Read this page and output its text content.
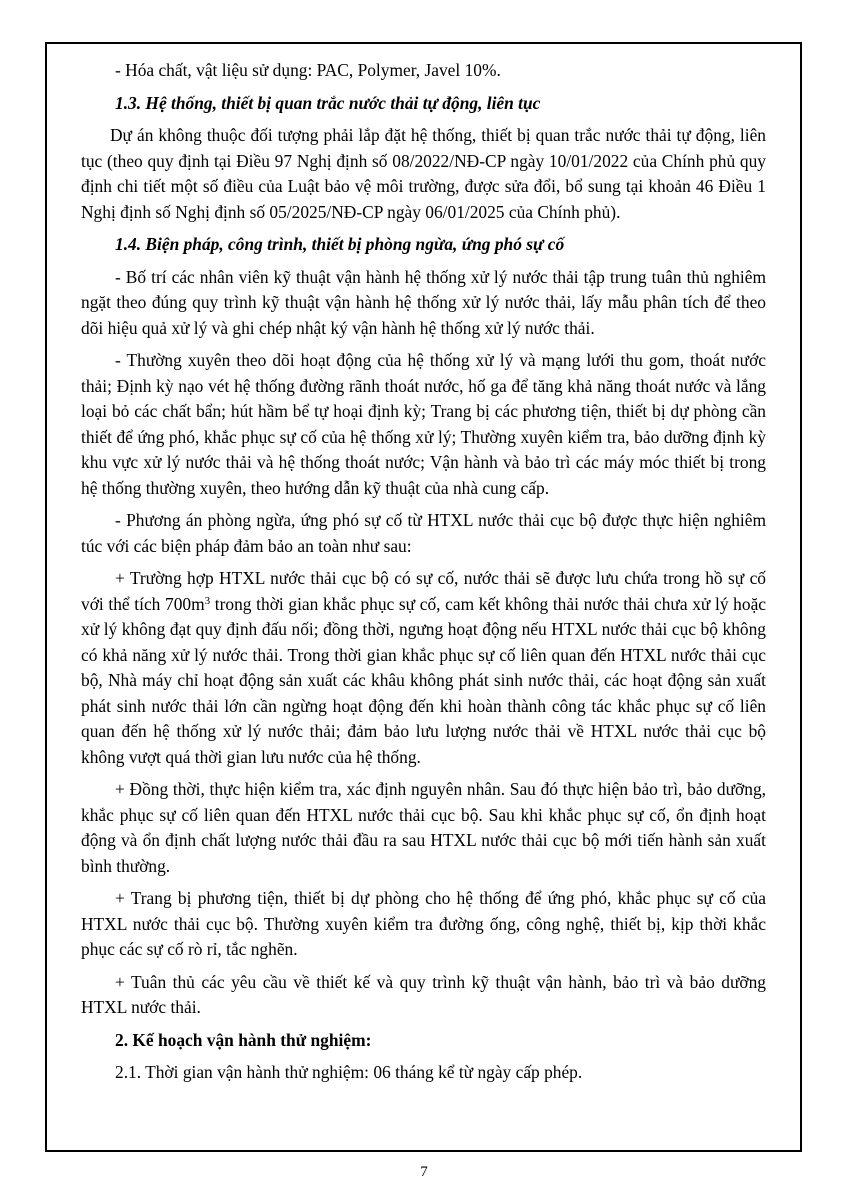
- Hóa chất, vật liệu sử dụng: PAC, Polymer, Javel 10%.

1.3. Hệ thống, thiết bị quan trắc nước thải tự động, liên tục

Dự án không thuộc đối tượng phải lắp đặt hệ thống, thiết bị quan trắc nước thải tự động, liên tục (theo quy định tại Điều 97 Nghị định số 08/2022/NĐ-CP ngày 10/01/2022 của Chính phủ quy định chi tiết một số điều của Luật bảo vệ môi trường, được sửa đổi, bổ sung tại khoản 46 Điều 1 Nghị định số Nghị định số 05/2025/NĐ-CP ngày 06/01/2025 của Chính phủ).

1.4. Biện pháp, công trình, thiết bị phòng ngừa, ứng phó sự cố

- Bố trí các nhân viên kỹ thuật vận hành hệ thống xử lý nước thải tập trung tuân thủ nghiêm ngặt theo đúng quy trình kỹ thuật vận hành hệ thống xử lý nước thải, lấy mẫu phân tích để theo dõi hiệu quả xử lý và ghi chép nhật ký vận hành hệ thống xử lý nước thải.

- Thường xuyên theo dõi hoạt động của hệ thống xử lý và mạng lưới thu gom, thoát nước thải; Định kỳ nạo vét hệ thống đường rãnh thoát nước, hố ga để tăng khả năng thoát nước và lắng loại bỏ các chất bẩn; hút hầm bể tự hoại định kỳ; Trang bị các phương tiện, thiết bị dự phòng cần thiết để ứng phó, khắc phục sự cố của hệ thống xử lý; Thường xuyên kiểm tra, bảo dưỡng định kỳ khu vực xử lý nước thải và hệ thống thoát nước; Vận hành và bảo trì các máy móc thiết bị trong hệ thống thường xuyên, theo hướng dẫn kỹ thuật của nhà cung cấp.

- Phương án phòng ngừa, ứng phó sự cố từ HTXL nước thải cục bộ được thực hiện nghiêm túc với các biện pháp đảm bảo an toàn như sau:

+ Trường hợp HTXL nước thải cục bộ có sự cố, nước thải sẽ được lưu chứa trong hồ sự cố với thể tích $700m^3$ trong thời gian khắc phục sự cố, cam kết không thải nước thải chưa xử lý hoặc xử lý không đạt quy định đấu nối; đồng thời, ngưng hoạt động nếu HTXL nước thải cục bộ không có khả năng xử lý nước thải. Trong thời gian khắc phục sự cố liên quan đến HTXL nước thải cục bộ, Nhà máy chỉ hoạt động sản xuất các khâu không phát sinh nước thải, các hoạt động sản xuất phát sinh nước thải lớn cần ngừng hoạt động đến khi hoàn thành công tác khắc phục sự cố liên quan đến hệ thống xử lý nước thải; đảm bảo lưu lượng nước thải về HTXL nước thải cục bộ không vượt quá thời gian lưu nước của hệ thống.

+ Đồng thời, thực hiện kiểm tra, xác định nguyên nhân. Sau đó thực hiện bảo trì, bảo dưỡng, khắc phục sự cố liên quan đến HTXL nước thải cục bộ. Sau khi khắc phục sự cố, ổn định hoạt động và ổn định chất lượng nước thải đầu ra sau HTXL nước thải cục bộ mới tiến hành sản xuất bình thường.

+ Trang bị phương tiện, thiết bị dự phòng cho hệ thống để ứng phó, khắc phục sự cố của HTXL nước thải cục bộ. Thường xuyên kiểm tra đường ống, công nghệ, thiết bị, kịp thời khắc phục các sự cố rò rỉ, tắc nghẽn.

+ Tuân thủ các yêu cầu về thiết kế và quy trình kỹ thuật vận hành, bảo trì và bảo dưỡng HTXL nước thải.

2. Kế hoạch vận hành thử nghiệm:

2.1. Thời gian vận hành thử nghiệm: 06 tháng kể từ ngày cấp phép.

7
